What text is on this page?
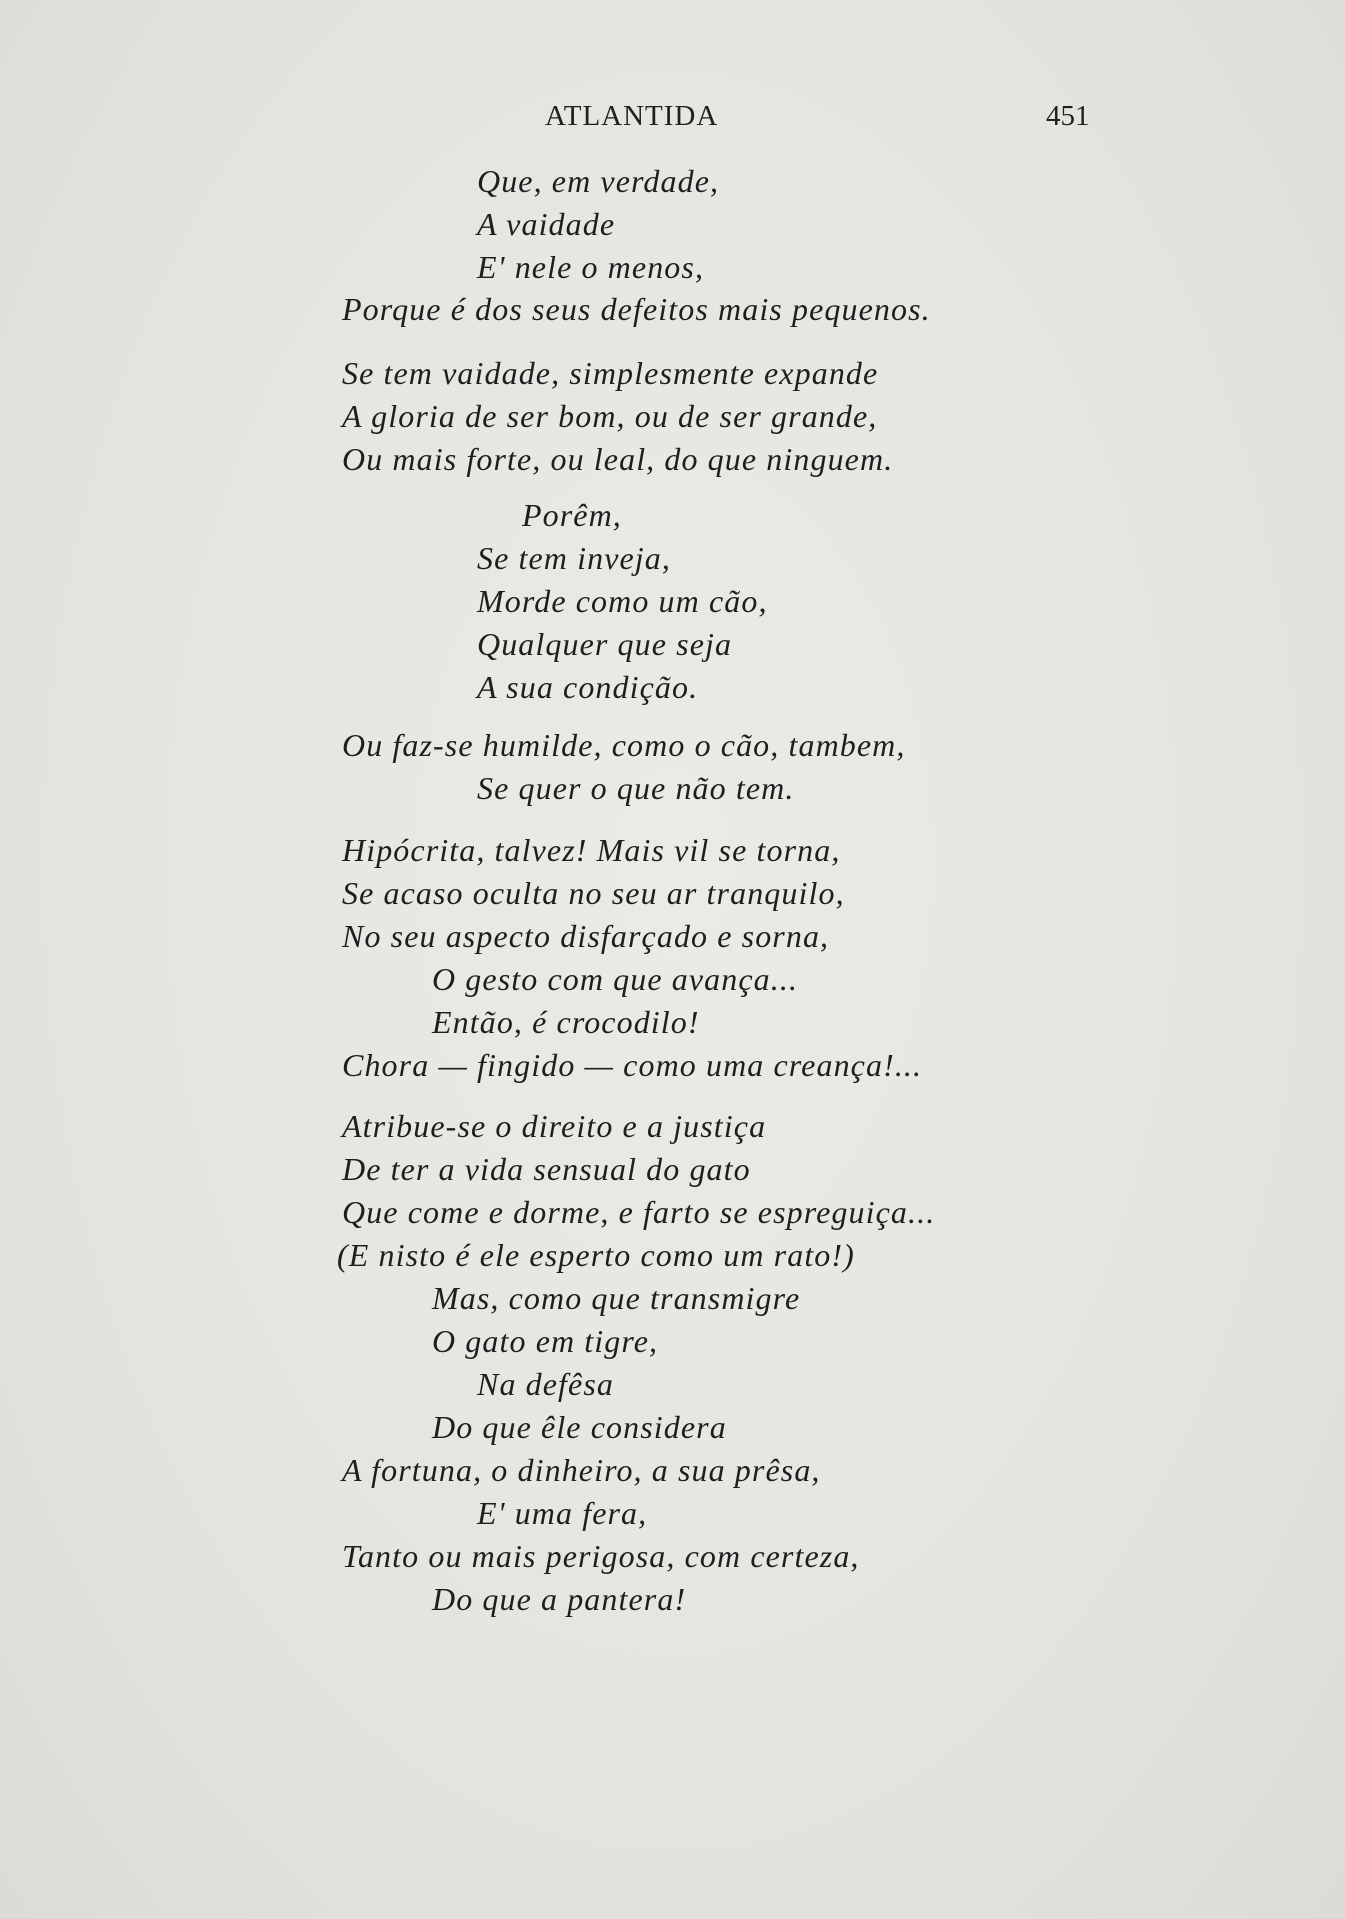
ATLANTIDA	451
Que, em verdade,
A vaidade
E' nele o menos,
Porque é dos seus defeitos mais pequenos.
Se tem vaidade, simplesmente expande
A gloria de ser bom, ou de ser grande,
Ou mais forte, ou leal, do que ninguem.
Porêm,
Se tem inveja,
Morde como um cão,
Qualquer que seja
A sua condição.
Ou faz-se humilde, como o cão, tambem,
Se quer o que não tem.
Hipócrita, talvez! Mais vil se torna,
Se acaso oculta no seu ar tranquilo,
No seu aspecto disfarçado e sorna,
O gesto com que avança...
Então, é crocodilo!
Chora — fingido — como uma creança!...
Atribue-se o direito e a justiça
De ter a vida sensual do gato
Que come e dorme, e farto se espreguiça...
(E nisto é ele esperto como um rato!)
Mas, como que transmigre
O gato em tigre,
Na defêsa
Do que êle considera
A fortuna, o dinheiro, a sua prêsa,
E' uma fera,
Tanto ou mais perigosa, com certeza,
Do que a pantera!
